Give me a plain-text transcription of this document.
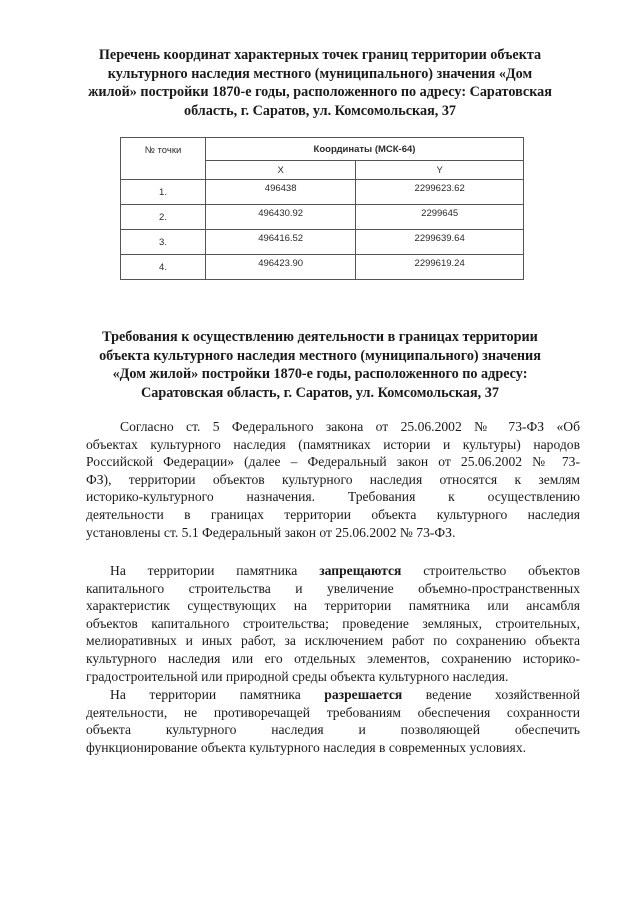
Перечень координат характерных точек границ территории объекта
культурного наследия местного (муниципального) значения «Дом
жилой» постройки 1870-е годы, расположенного по адресу: Саратовская
область, г. Саратов, ул. Комсомольская, 37
№ точки	Координаты (МСК-64)	
	X	Y
1.	496438	2299623.62
2.	496430.92	2299645
3.	496416.52	2299639.64
4.	496423.90	2299619.24
Требования к осуществлению деятельности в границах территории
объекта культурного наследия местного (муниципального) значения
«Дом жилой» постройки 1870-е годы, расположенного по адресу:
Саратовская область, г. Саратов, ул. Комсомольская, 37
Согласно ст. 5 Федерального закона от 25.06.2002 № 73-ФЗ «Об
объектах культурного наследия (памятниках истории и культуры) народов
Российской Федерации» (далее – Федеральный закон от 25.06.2002 № 73-
ФЗ), территории объектов культурного наследия относятся к землям
историко-культурного назначения. Требования к осуществлению
деятельности в границах территории объекта культурного наследия
установлены ст. 5.1 Федеральный закон от 25.06.2002 № 73-ФЗ.
На территории памятника запрещаются строительство объектов
капитального строительства и увеличение объемно-пространственных
характеристик существующих на территории памятника или ансамбля
объектов капитального строительства; проведение земляных, строительных,
мелиоративных и иных работ, за исключением работ по сохранению объекта
культурного наследия или его отдельных элементов, сохранению историко-
градостроительной или природной среды объекта культурного наследия.
На территории памятника разрешается ведение хозяйственной
деятельности, не противоречащей требованиям обеспечения сохранности
объекта культурного наследия и позволяющей обеспечить
функционирование объекта культурного наследия в современных условиях.
